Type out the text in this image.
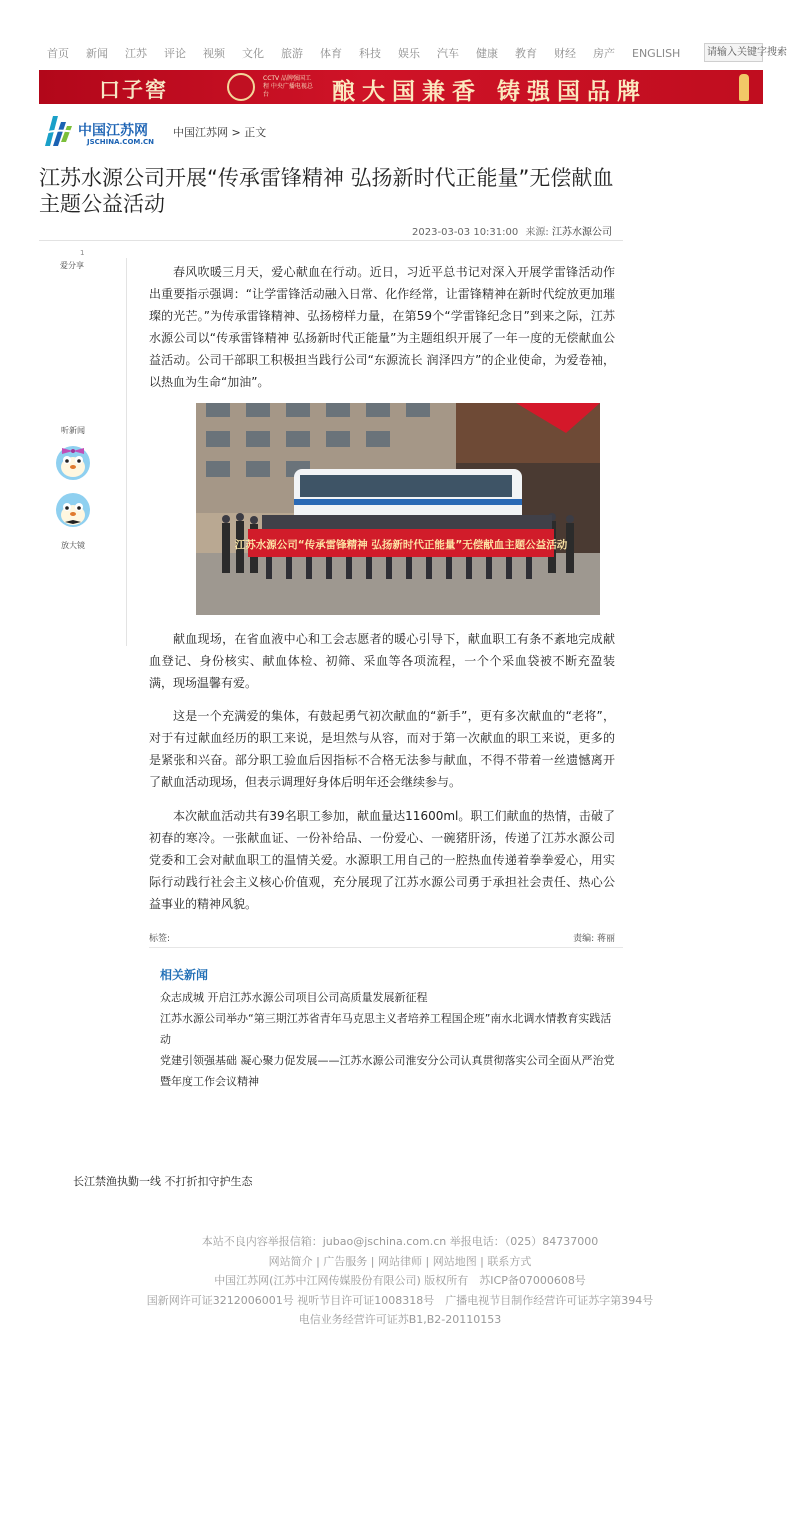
首页 新闻 江苏 评论 视频 文化 旅游 体育 科技 娱乐 汽车 健康 教育 财经 房产 ENGLISH	请输入关键字搜索
口子窖	CCTV 品牌强国工程 中央广播电视总台	酿大国兼香 铸强国品牌
中国江苏网
JSCHINA.COM.CN
中国江苏网 > 正文
江苏水源公司开展“传承雷锋精神 弘扬新时代正能量”无偿献血主题公益活动
2023-03-03 10:31:00 来源: 江苏水源公司
1
爱分享
听新闻
放大镜

春风吹暖三月天，爱心献血在行动。近日，习近平总书记对深入开展学雷锋活动作出重要指示强调：“让学雷锋活动融入日常、化作经常，让雷锋精神在新时代绽放更加璀璨的光芒。”为传承雷锋精神、弘扬榜样力量，在第59个“学雷锋纪念日”到来之际，江苏水源公司以“传承雷锋精神 弘扬新时代正能量”为主题组织开展了一年一度的无偿献血公益活动。公司干部职工积极担当践行公司“东源流长 润泽四方”的企业使命，为爱卷袖，以热血为生命“加油”。

江苏水源公司“传承雷锋精神 弘扬新时代正能量”无偿献血主题公益活动

献血现场，在省血液中心和工会志愿者的暖心引导下，献血职工有条不紊地完成献血登记、身份核实、献血体检、初筛、采血等各项流程，一个个采血袋被不断充盈装满，现场温馨有爱。

这是一个充满爱的集体，有鼓起勇气初次献血的“新手”，更有多次献血的“老将”，对于有过献血经历的职工来说，是坦然与从容，而对于第一次献血的职工来说，更多的是紧张和兴奋。部分职工验血后因指标不合格无法参与献血，不得不带着一丝遗憾离开了献血活动现场，但表示调理好身体后明年还会继续参与。

本次献血活动共有39名职工参加，献血量达11600ml。职工们献血的热情，击破了初春的寒冷。一张献血证、一份补给品、一份爱心、一碗猪肝汤，传递了江苏水源公司党委和工会对献血职工的温情关爱。水源职工用自己的一腔热血传递着拳拳爱心，用实际行动践行社会主义核心价值观，充分展现了江苏水源公司勇于承担社会责任、热心公益事业的精神风貌。

标签:	责编: 蒋丽
相关新闻
众志成城 开启江苏水源公司项目公司高质量发展新征程
江苏水源公司举办“第三期江苏省青年马克思主义者培养工程国企班”南水北调水情教育实践活动
党建引领强基础 凝心聚力促发展——江苏水源公司淮安分公司认真贯彻落实公司全面从严治党暨年度工作会议精神
长江禁渔执勤一线 不打折扣守护生态
本站不良内容举报信箱：jubao@jschina.com.cn 举报电话：（025）84737000
网站简介 | 广告服务 | 网站律师 | 网站地图 | 联系方式
中国江苏网(江苏中江网传媒股份有限公司) 版权所有　苏ICP备07000608号
国新网许可证3212006001号 视听节目许可证1008318号　广播电视节目制作经营许可证苏字第394号
电信业务经营许可证苏B1,B2-20110153
